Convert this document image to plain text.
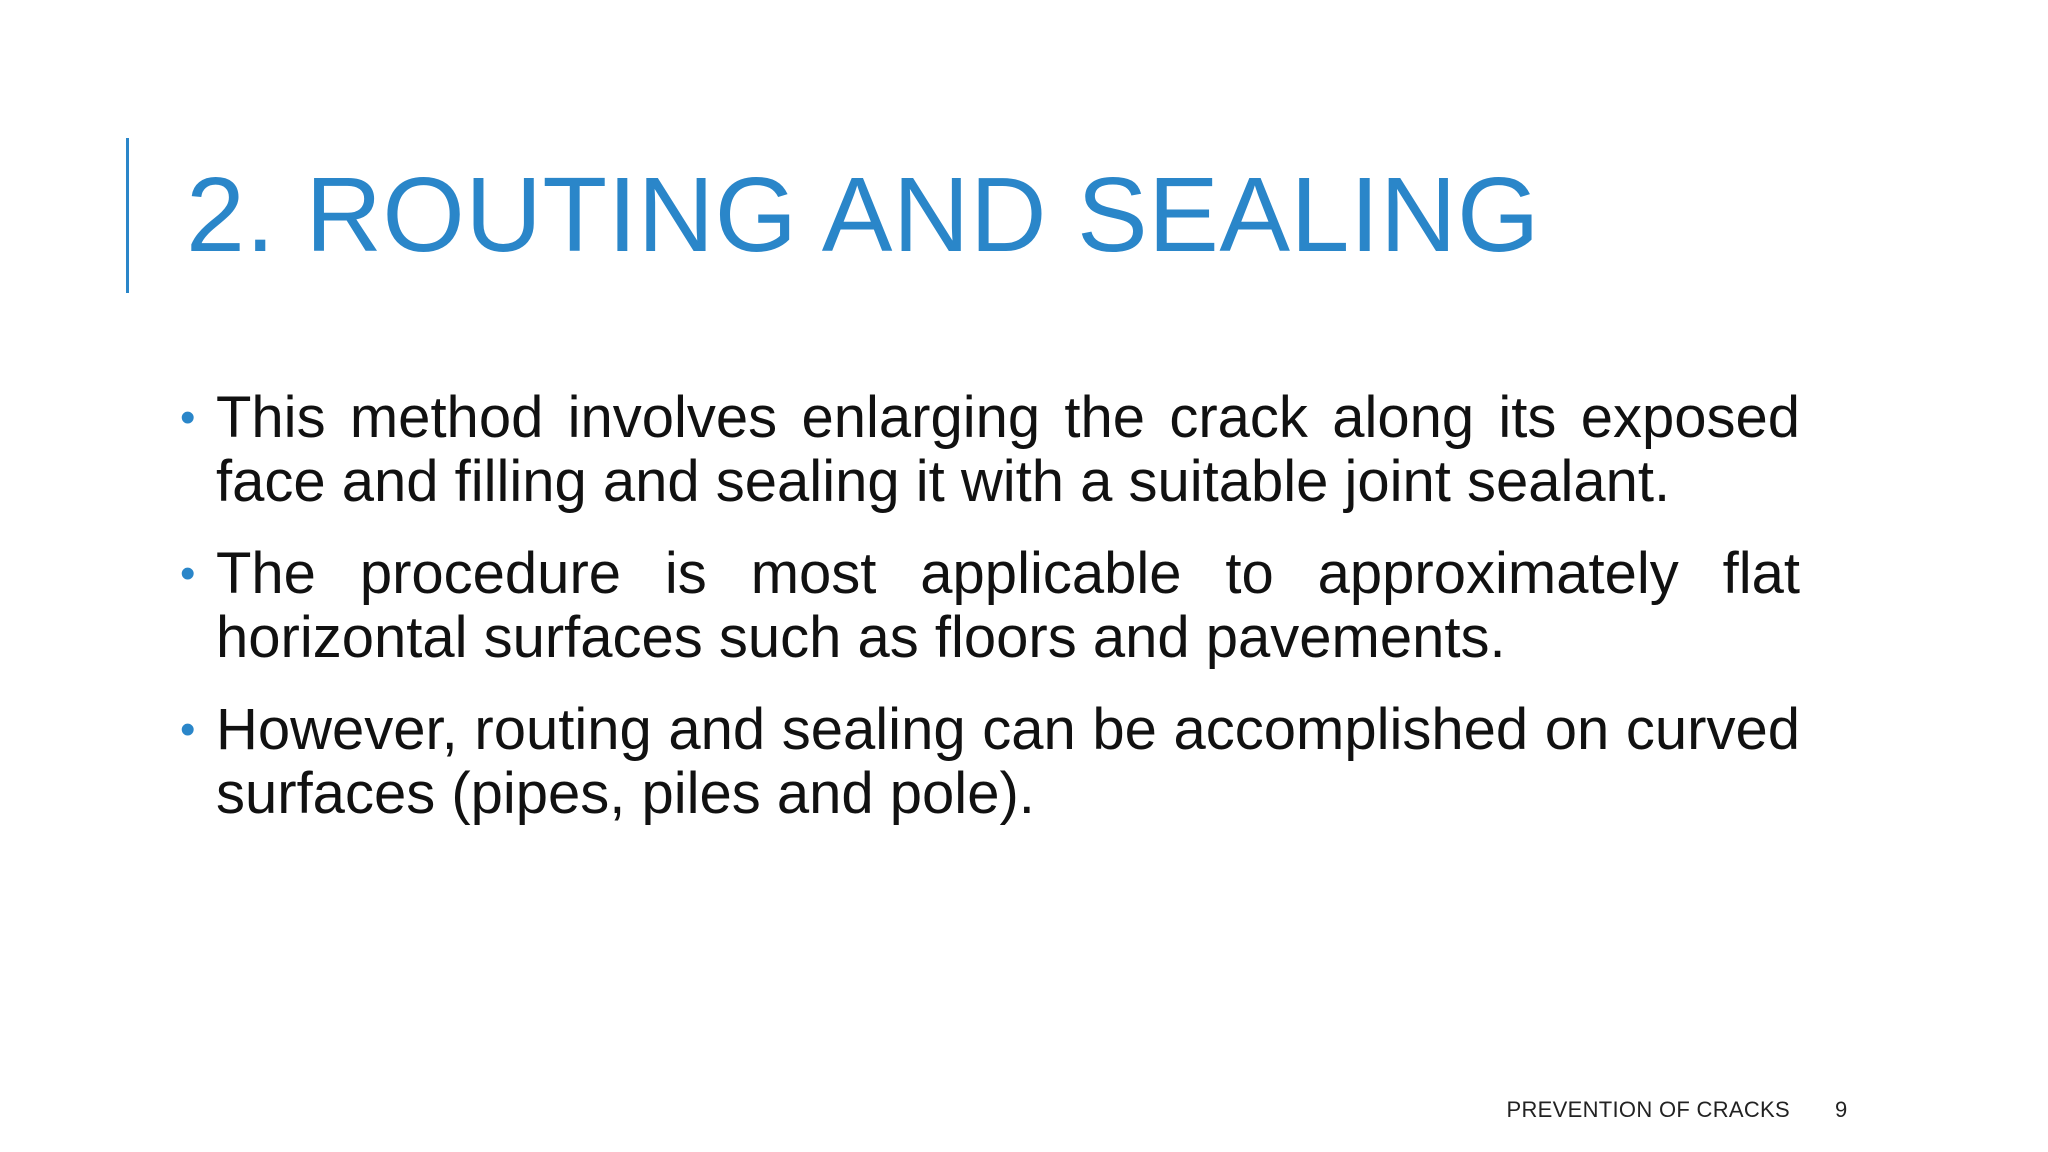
2. ROUTING AND SEALING
• This method involves enlarging the crack along its exposed face and filling and sealing it with a suitable joint sealant.
• The procedure is most applicable to approximately flat horizontal surfaces such as floors and pavements.
• However, routing and sealing can be accomplished on curved surfaces (pipes, piles and pole).
PREVENTION OF CRACKS 9
